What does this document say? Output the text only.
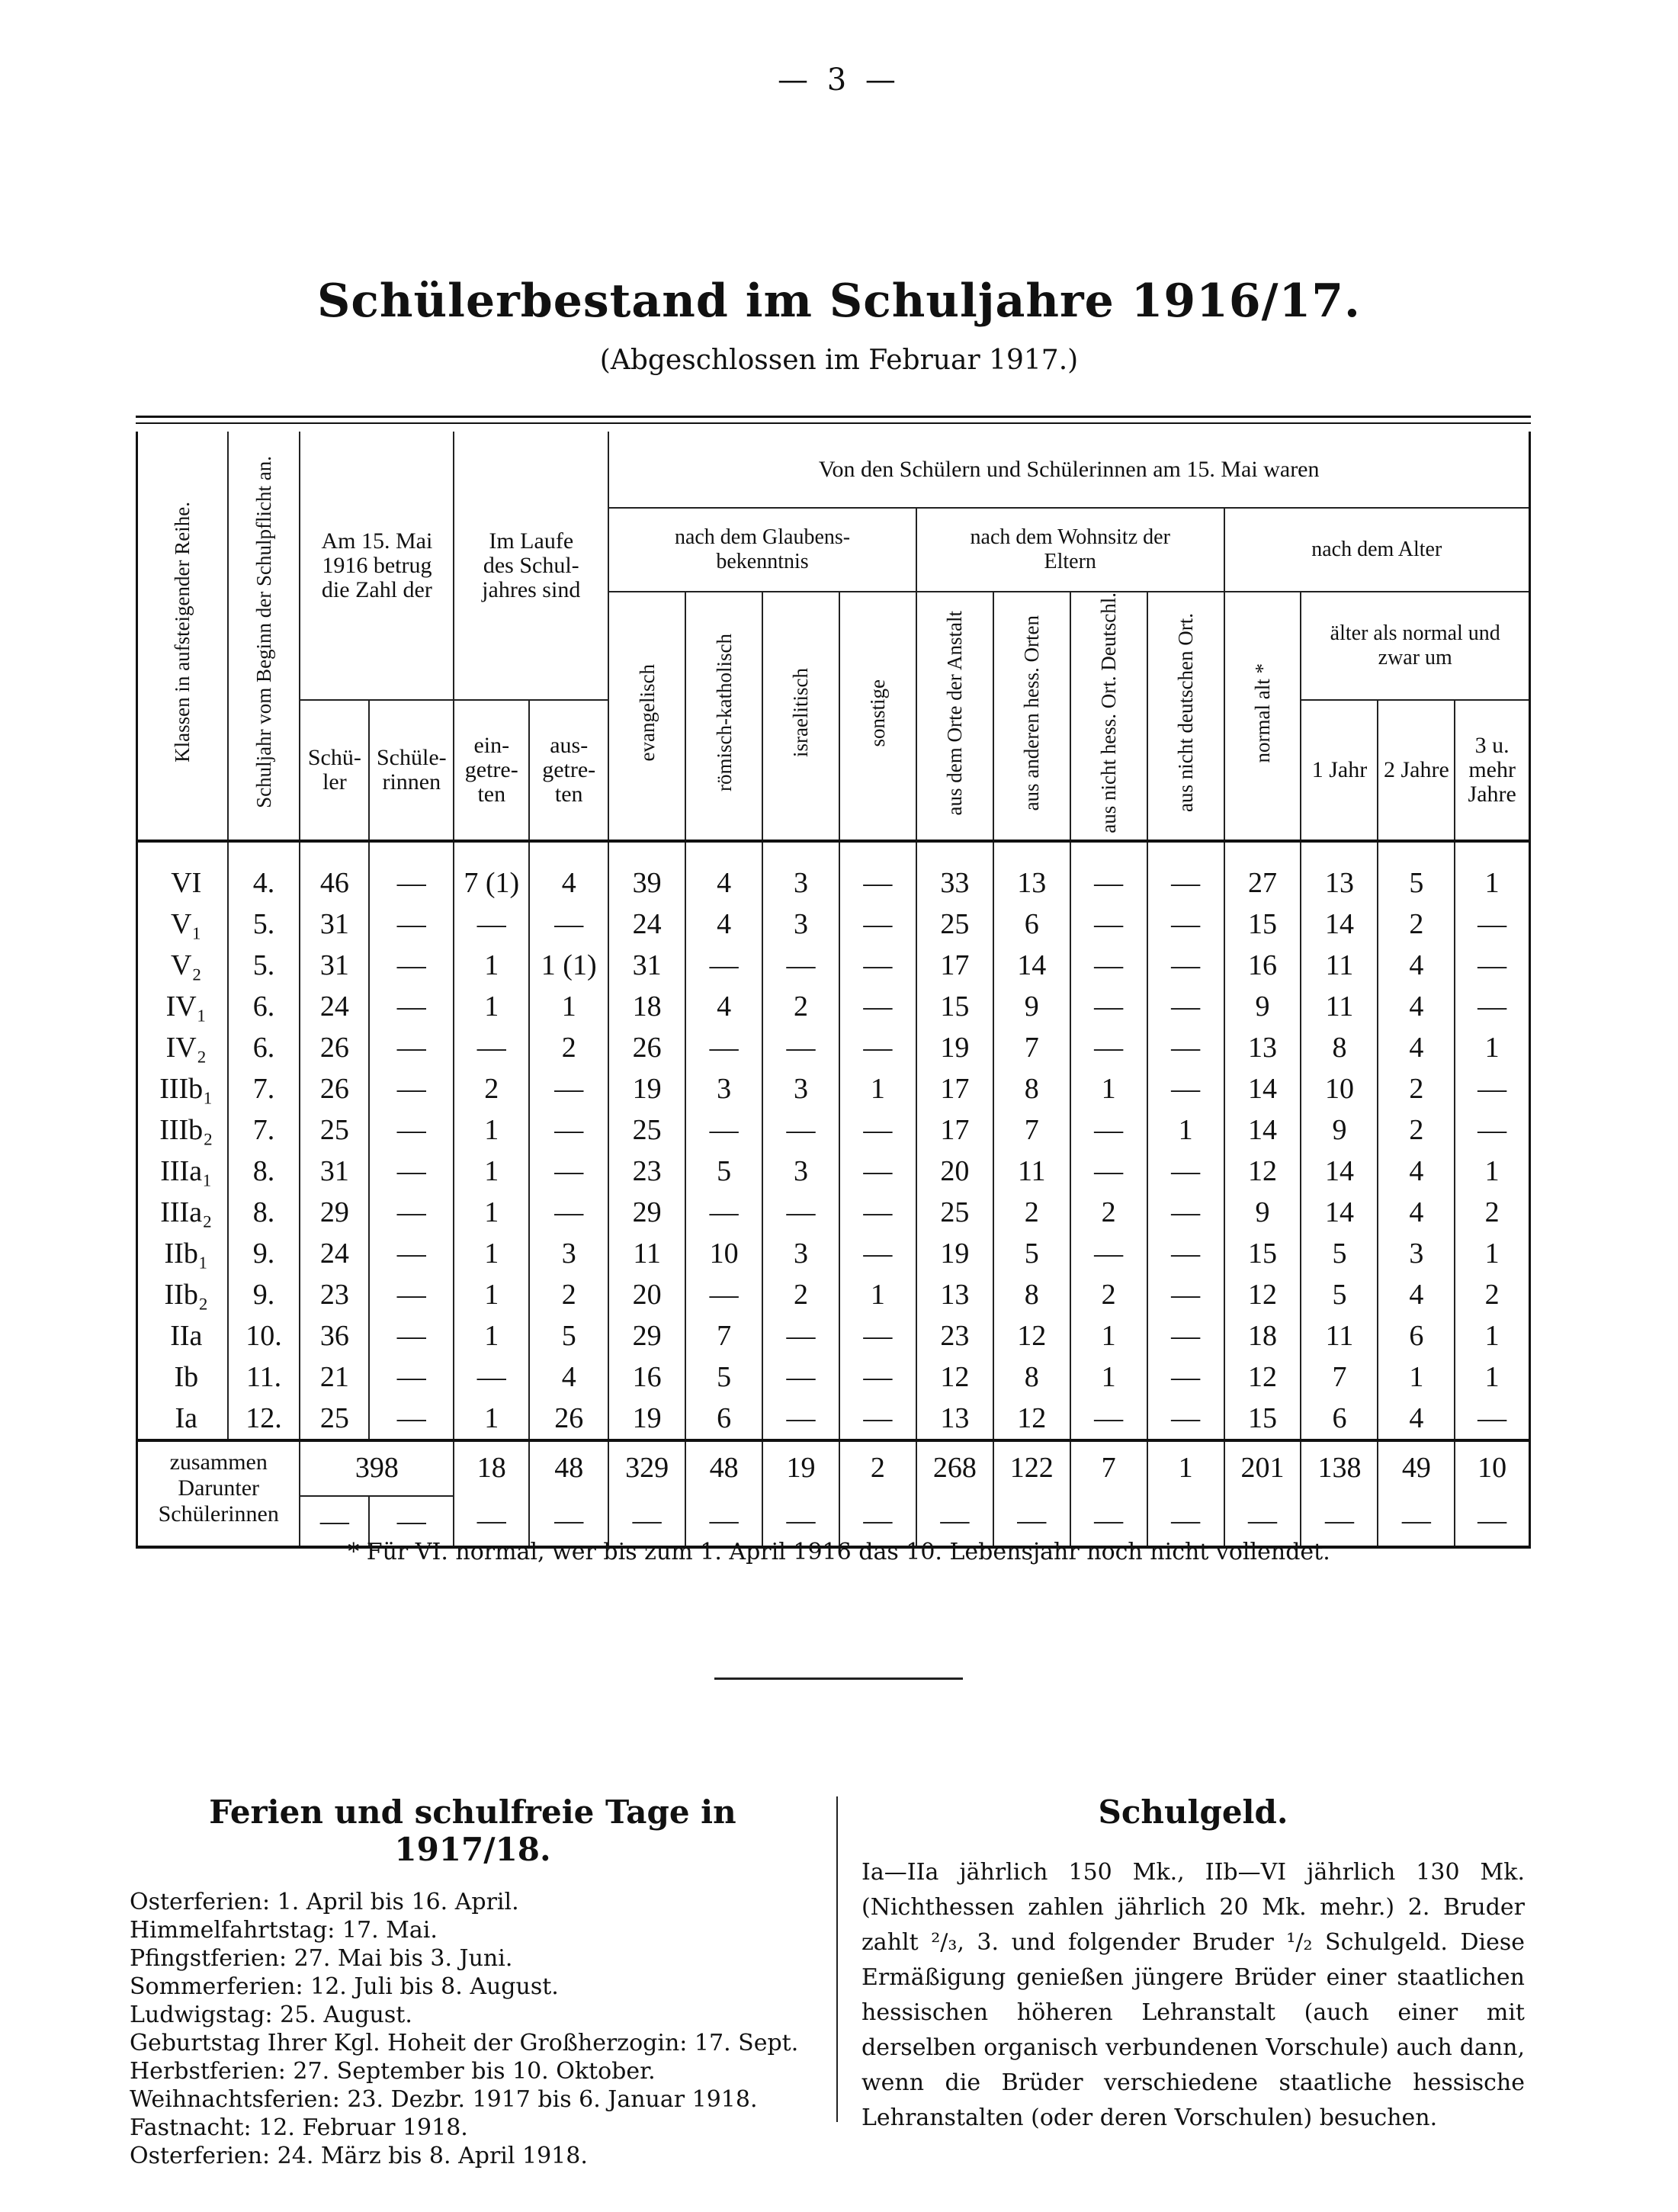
— 3 —
Schülerbestand im Schuljahre 1916/17.
(Abgeschlossen im Februar 1917.)
Klassen in aufsteigender Reihe.	Schuljahr vom Beginn der Schulpflicht an.	Am 15. Mai 1916 betrug die Zahl der		Im Laufe des Schul-jahres sind		Von den Schülern und Schülerinnen am 15. Mai waren											
						nach dem Glaubens-bekenntnis				nach dem Wohnsitz der Eltern				nach dem Alter			
						evangelisch	römisch-katholisch	israelitisch	sonstige	aus dem Orte der Anstalt	aus anderen hess. Orten	aus nicht hess. Ort. Deutschl.	aus nicht deutschen Ort.	normal alt *	älter als normal und zwar um		
		Schü-ler	Schüle-rinnen	ein-getre-ten	aus-getre-ten										1 Jahr	2 Jahre	3 u. mehr Jahre
VI	4.	46	—	7 (1)	4	39	4	3	—	33	13	—	—	27	13	5	1
V₁	5.	31	—	—	—	24	4	3	—	25	6	—	—	15	14	2	—
V₂	5.	31	—	1	1 (1)	31	—	—	—	17	14	—	—	16	11	4	—
IV₁	6.	24	—	1	1	18	4	2	—	15	9	—	—	9	11	4	—
IV₂	6.	26	—	—	2	26	—	—	—	19	7	—	—	13	8	4	1
IIIb₁	7.	26	—	2	—	19	3	3	1	17	8	1	—	14	10	2	—
IIIb₂	7.	25	—	1	—	25	—	—	—	17	7	—	1	14	9	2	—
IIIa₁	8.	31	—	1	—	23	5	3	—	20	11	—	—	12	14	4	1
IIIa₂	8.	29	—	1	—	29	—	—	—	25	2	2	—	9	14	4	2
IIb₁	9.	24	—	1	3	11	10	3	—	19	5	—	—	15	5	3	1
IIb₂	9.	23	—	1	2	20	—	2	1	13	8	2	—	12	5	4	2
IIa	10.	36	—	1	5	29	7	—	—	23	12	1	—	18	11	6	1
Ib	11.	21	—	—	4	16	5	—	—	12	8	1	—	12	7	1	1
Ia	12.	25	—	1	26	19	6	—	—	13	12	—	—	15	6	4	—

zusammen
Darunter
Schülerinnen		398		18	48	329	48	19	2	268	122	7	1	201	138	49	10
		—	—	—	—	—	—	—	—	—	—	—	—	—	—	—	—
* Für VI. normal, wer bis zum 1. April 1916 das 10. Lebensjahr noch nicht vollendet.
Ferien und schulfreie Tage in 1917/18.
Osterferien: 1. April bis 16. April.
Himmelfahrtstag: 17. Mai.
Pfingstferien: 27. Mai bis 3. Juni.
Sommerferien: 12. Juli bis 8. August.
Ludwigstag: 25. August.
Geburtstag Ihrer Kgl. Hoheit der Großherzogin: 17. Sept.
Herbstferien: 27. September bis 10. Oktober.
Weihnachtsferien: 23. Dezbr. 1917 bis 6. Januar 1918.
Fastnacht: 12. Februar 1918.
Osterferien: 24. März bis 8. April 1918.
Schulgeld.

Ia—IIa jährlich 150 Mk., IIb—VI jährlich 130 Mk. (Nichthessen zahlen jährlich 20 Mk. mehr.) 2. Bruder zahlt ²/₃, 3. und folgender Bruder ¹/₂ Schulgeld. Diese Ermäßigung genießen jüngere Brüder einer staatlichen hessischen höheren Lehranstalt (auch einer mit derselben organisch verbundenen Vorschule) auch dann, wenn die Brüder verschiedene staatliche hessische Lehranstalten (oder deren Vorschulen) besuchen.
